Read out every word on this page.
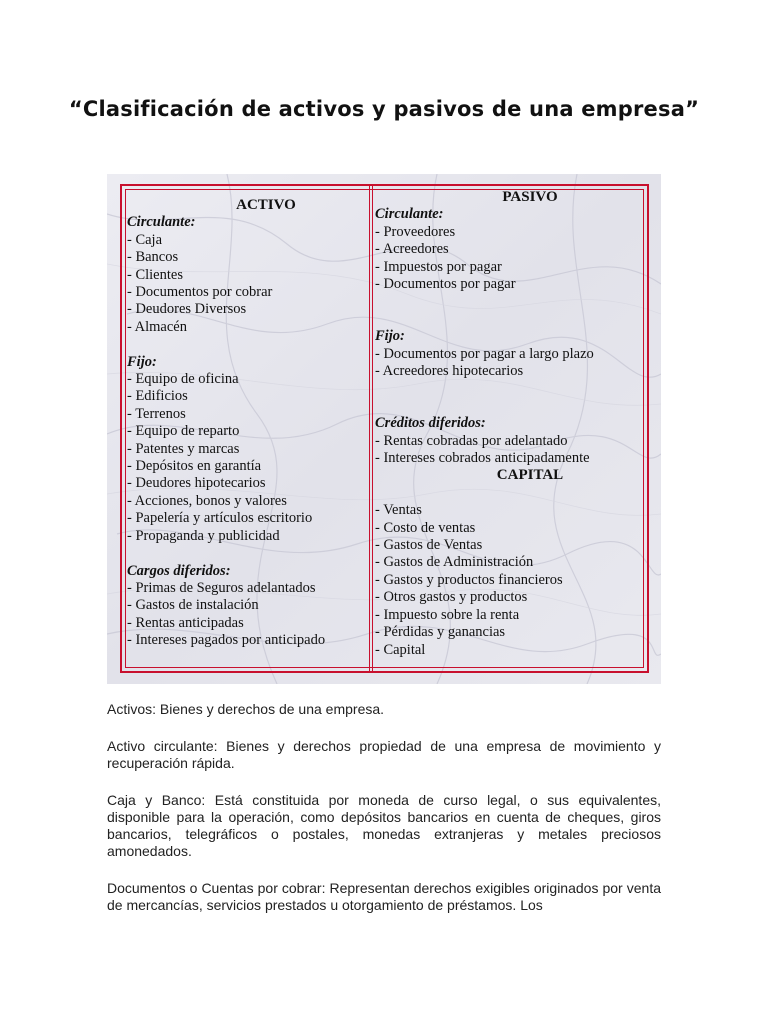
“Clasificación de activos y pasivos de una empresa”
ACTIVO
Circulante:
- Caja
- Bancos
- Clientes
- Documentos por cobrar
- Deudores Diversos
- Almacén
Fijo:
- Equipo de oficina
- Edificios
- Terrenos
- Equipo de reparto
- Patentes y marcas
- Depósitos en garantía
- Deudores hipotecarios
- Acciones, bonos y valores
- Papelería y artículos escritorio
- Propaganda y publicidad
Cargos diferidos:
- Primas de Seguros adelantados
- Gastos de instalación
- Rentas anticipadas
- Intereses pagados por anticipado
PASIVO
Circulante:
- Proveedores
- Acreedores
- Impuestos por pagar
- Documentos por pagar
Fijo:
- Documentos por pagar a largo plazo
- Acreedores hipotecarios
Créditos diferidos:
- Rentas cobradas por adelantado
- Intereses cobrados anticipadamente
CAPITAL
- Ventas
- Costo de ventas
- Gastos de Ventas
- Gastos de Administración
- Gastos y productos financieros
- Otros gastos y productos
- Impuesto sobre la renta
- Pérdidas y ganancias
- Capital

Activos: Bienes y derechos de una empresa.

Activo circulante: Bienes y derechos propiedad de una empresa de movimiento y recuperación rápida.

Caja y Banco: Está constituida por moneda de curso legal, o sus equivalentes, disponible para la operación, como depósitos bancarios en cuenta de cheques, giros bancarios, telegráficos o postales, monedas extranjeras y metales preciosos amonedados.

Documentos o Cuentas por cobrar: Representan derechos exigibles originados por venta de mercancías, servicios prestados u otorgamiento de préstamos. Los
